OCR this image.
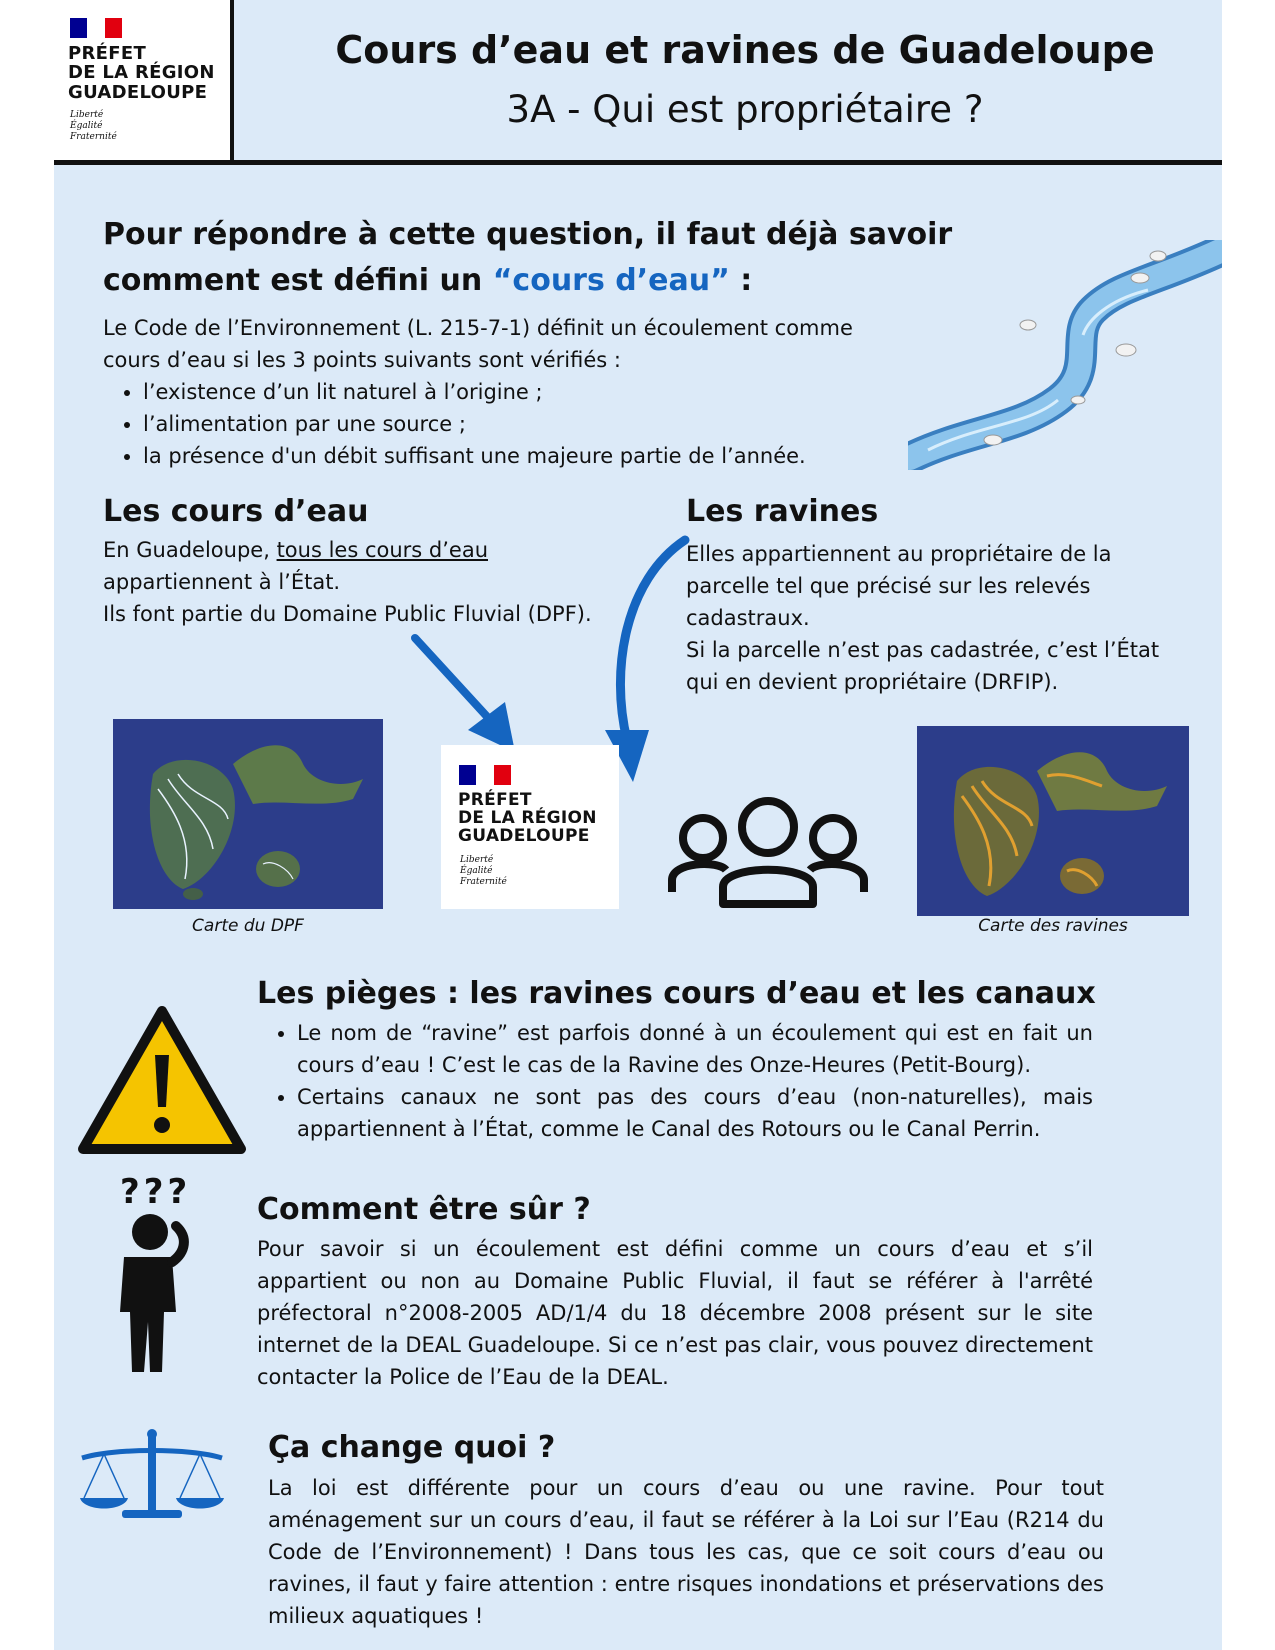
PRÉFET
DE LA RÉGION
GUADELOUPE
Liberté
Égalité
Fraternité
Cours d’eau et ravines de Guadeloupe
3A - Qui est propriétaire ?
Pour répondre à cette question, il faut déjà savoir
comment est défini un “cours d’eau” :
Le Code de l’Environnement (L. 215-7-1) définit un écoulement comme
cours d’eau si les 3 points suivants sont vérifiés :
• l’existence d’un lit naturel à l’origine ;
• l’alimentation par une source ;
• la présence d'un débit suffisant une majeure partie de l’année.
Les cours d’eau
En Guadeloupe, tous les cours d’eau
appartiennent à l’État.
Ils font partie du Domaine Public Fluvial (DPF).
Les ravines
Elles appartiennent au propriétaire de la
parcelle tel que précisé sur les relevés
cadastraux.
Si la parcelle n’est pas cadastrée, c’est l’État
qui en devient propriétaire (DRFIP).
Carte du DPF
PRÉFET
DE LA RÉGION
GUADELOUPE
Liberté
Égalité
Fraternité
Carte des ravines
Les pièges : les ravines cours d’eau et les canaux
• Le nom de “ravine” est parfois donné à un écoulement qui est en fait un cours d’eau ! C’est le cas de la Ravine des Onze-Heures (Petit-Bourg).
• Certains canaux ne sont pas des cours d’eau (non-naturelles), mais appartiennent à l’État, comme le Canal des Rotours ou le Canal Perrin.
??? Comment être sûr ?
Pour savoir si un écoulement est défini comme un cours d’eau et s’il appartient ou non au Domaine Public Fluvial, il faut se référer à l'arrêté préfectoral n°2008-2005 AD/1/4 du 18 décembre 2008 présent sur le site internet de la DEAL Guadeloupe. Si ce n’est pas clair, vous pouvez directement contacter la Police de l’Eau de la DEAL.
Ça change quoi ?
La loi est différente pour un cours d’eau ou une ravine. Pour tout aménagement sur un cours d’eau, il faut se référer à la Loi sur l’Eau (R214 du Code de l’Environnement) ! Dans tous les cas, que ce soit cours d’eau ou ravines, il faut y faire attention : entre risques inondations et préservations des milieux aquatiques !
